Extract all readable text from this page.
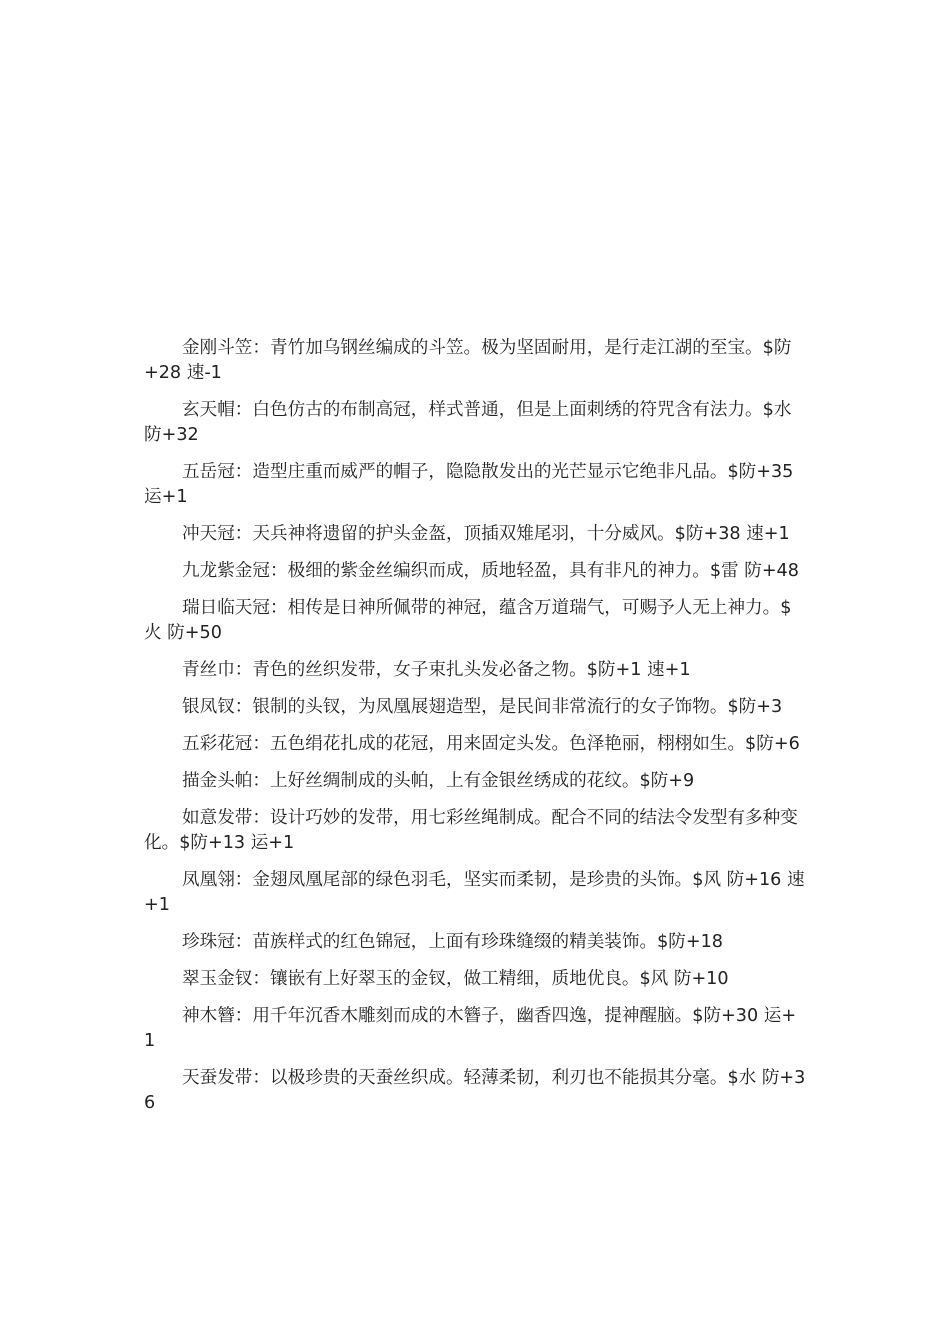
金刚斗笠：青竹加乌钢丝编成的斗笠。极为坚固耐用，是行走江湖的至宝。$防+28 速-1

玄天帽：白色仿古的布制高冠，样式普通，但是上面刺绣的符咒含有法力。$水 防+32

五岳冠：造型庄重而威严的帽子，隐隐散发出的光芒显示它绝非凡品。$防+35 运+1

冲天冠：天兵神将遗留的护头金盔，顶插双雉尾羽，十分威风。$防+38 速+1

九龙紫金冠：极细的紫金丝编织而成，质地轻盈，具有非凡的神力。$雷 防+48

瑞日临天冠：相传是日神所佩带的神冠，蕴含万道瑞气，可赐予人无上神力。$火 防+50

青丝巾：青色的丝织发带，女子束扎头发必备之物。$防+1 速+1

银凤钗：银制的头钗，为凤凰展翅造型，是民间非常流行的女子饰物。$防+3

五彩花冠：五色绢花扎成的花冠，用来固定头发。色泽艳丽，栩栩如生。$防+6

描金头帕：上好丝绸制成的头帕，上有金银丝绣成的花纹。$防+9

如意发带：设计巧妙的发带，用七彩丝绳制成。配合不同的结法令发型有多种变化。$防+13 运+1

凤凰翎：金翅凤凰尾部的绿色羽毛，坚实而柔韧，是珍贵的头饰。$风 防+16 速+1

珍珠冠：苗族样式的红色锦冠，上面有珍珠缝缀的精美装饰。$防+18

翠玉金钗：镶嵌有上好翠玉的金钗，做工精细，质地优良。$风 防+10

神木簪：用千年沉香木雕刻而成的木簪子，幽香四逸，提神醒脑。$防+30 运+1

天蚕发带：以极珍贵的天蚕丝织成。轻薄柔韧，利刃也不能损其分毫。$水 防+36
